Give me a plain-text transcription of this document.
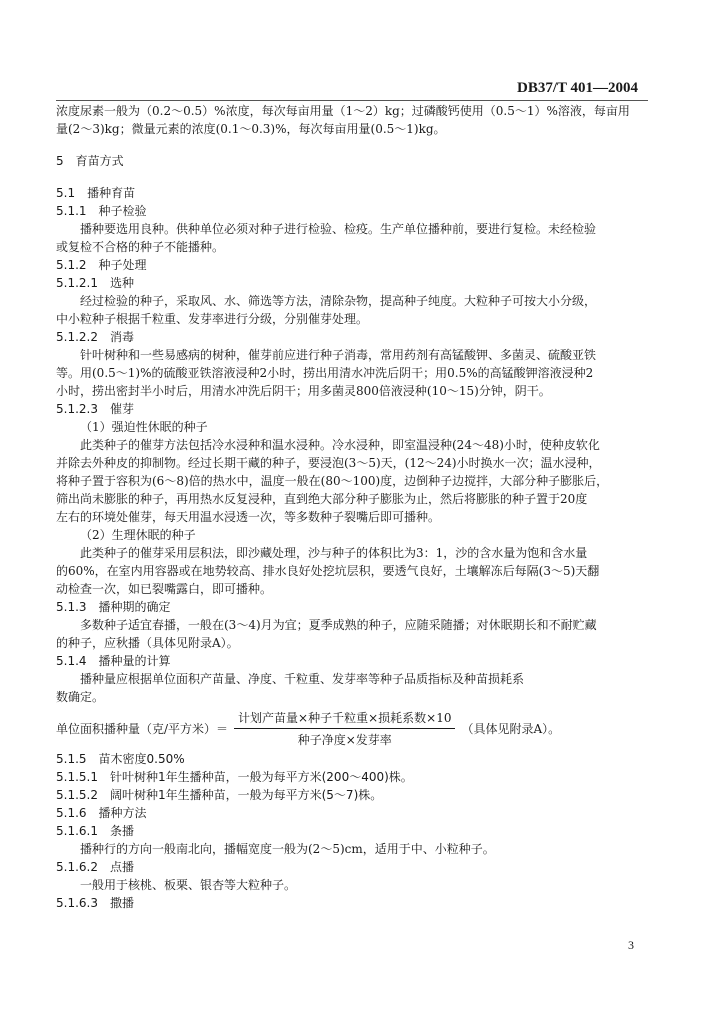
DB37/T 401—2004
浓度尿素一般为（0.2～0.5）%浓度，每次每亩用量（1～2）kg；过磷酸钙使用（0.5～1）%溶液，每亩用
量(2～3)kg；微量元素的浓度(0.1～0.3)%，每次每亩用量(0.5～1)kg。
5　育苗方式
5.1　播种育苗
5.1.1　种子检验
播种要选用良种。供种单位必须对种子进行检验、检疫。生产单位播种前，要进行复检。未经检验
或复检不合格的种子不能播种。
5.1.2　种子处理
5.1.2.1　选种
经过检验的种子，采取风、水、筛选等方法，清除杂物，提高种子纯度。大粒种子可按大小分级，
中小粒种子根据千粒重、发芽率进行分级，分别催芽处理。
5.1.2.2　消毒
针叶树种和一些易感病的树种，催芽前应进行种子消毒，常用药剂有高锰酸钾、多菌灵、硫酸亚铁
等。用(0.5～1)%的硫酸亚铁溶液浸种2小时，捞出用清水冲洗后阴干；用0.5%的高锰酸钾溶液浸种2
小时，捞出密封半小时后，用清水冲洗后阴干；用多菌灵800倍液浸种(10～15)分钟，阴干。
5.1.2.3　催芽
（1）强迫性休眠的种子
此类种子的催芽方法包括冷水浸种和温水浸种。冷水浸种，即室温浸种(24～48)小时，使种皮软化
并除去外种皮的抑制物。经过长期干藏的种子，要浸泡(3～5)天，(12～24)小时换水一次；温水浸种，
将种子置于容积为(6～8)倍的热水中，温度一般在(80～100)度，边倒种子边搅拌，大部分种子膨胀后，
筛出尚未膨胀的种子，再用热水反复浸种，直到绝大部分种子膨胀为止，然后将膨胀的种子置于20度
左右的环境处催芽，每天用温水浸透一次，等多数种子裂嘴后即可播种。
（2）生理休眠的种子
此类种子的催芽采用层积法，即沙藏处理，沙与种子的体积比为3：1，沙的含水量为饱和含水量
的60%，在室内用容器或在地势较高、排水良好处挖坑层积，要透气良好，土壤解冻后每隔(3～5)天翻
动检查一次，如已裂嘴露白，即可播种。
5.1.3　播种期的确定
多数种子适宜春播，一般在(3～4)月为宜；夏季成熟的种子，应随采随播；对休眠期长和不耐贮藏
的种子，应秋播（具体见附录A）。
5.1.4　播种量的计算
播种量应根据单位面积产苗量、净度、千粒重、发芽率等种子品质指标及种苗损耗系
数确定。
单位面积播种量（克/平方米）＝ $\frac{\text{计划产苗量×种子千粒重×损耗系数×10}}{\text{种子净度×发芽率}}$ （具体见附录A）。
5.1.5　苗木密度0.50%
5.1.5.1　针叶树种1年生播种苗，一般为每平方米(200～400)株。
5.1.5.2　阔叶树种1年生播种苗，一般为每平方米(5～7)株。
5.1.6　播种方法
5.1.6.1　条播
播种行的方向一般南北向，播幅宽度一般为(2～5)cm，适用于中、小粒种子。
5.1.6.2　点播
一般用于核桃、板栗、银杏等大粒种子。
5.1.6.3　撒播
3
